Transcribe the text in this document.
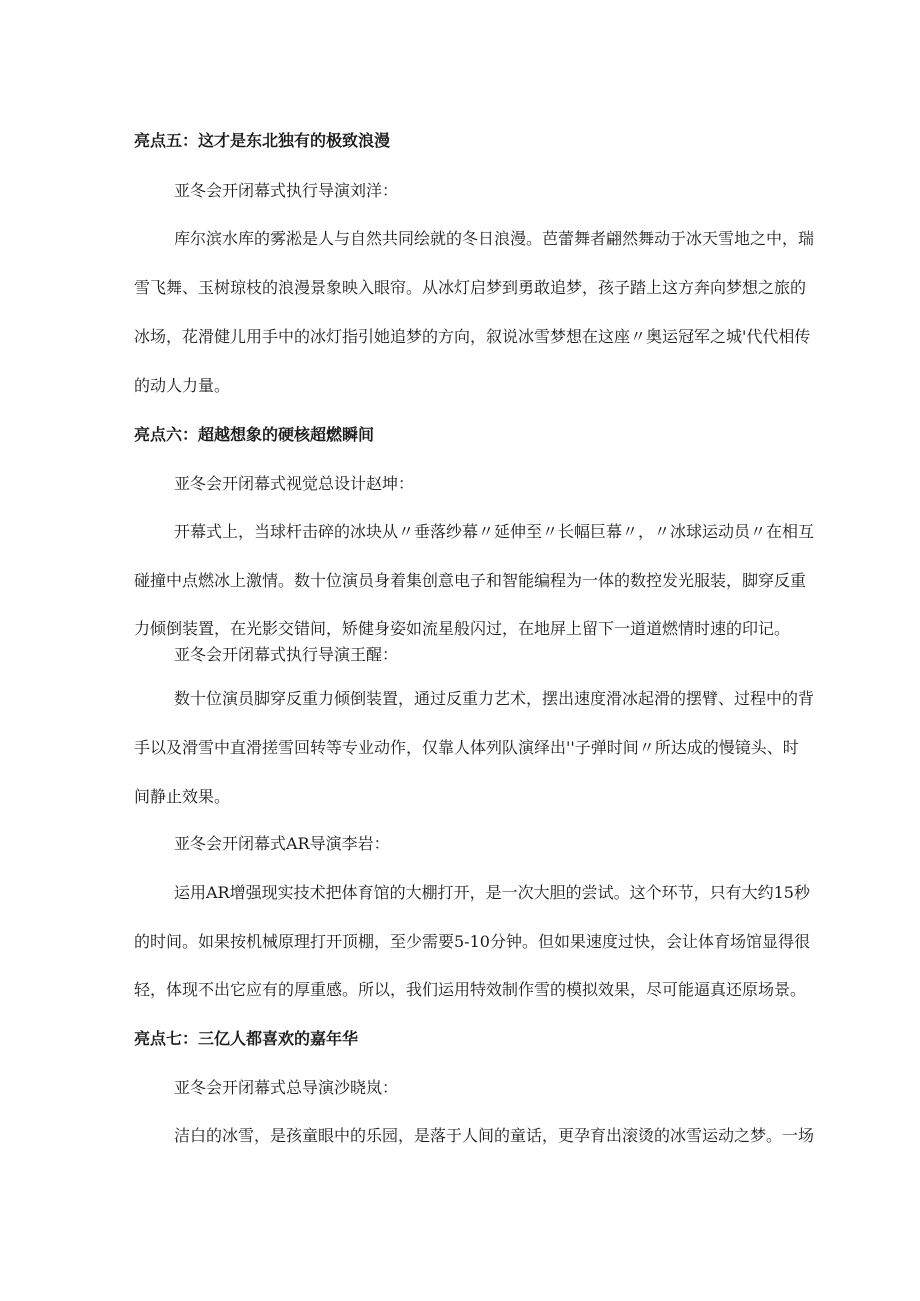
亮点五：这才是东北独有的极致浪漫
亚冬会开闭幕式执行导演刘洋：
库尔滨水库的雾淞是人与自然共同绘就的冬日浪漫。芭蕾舞者翩然舞动于冰天雪地之中，瑞
雪飞舞、玉树琼枝的浪漫景象映入眼帘。从冰灯启梦到勇敢追梦，孩子踏上这方奔向梦想之旅的
冰场，花滑健儿用手中的冰灯指引她追梦的方向，叙说冰雪梦想在这座〃奥运冠军之城'代代相传
的动人力量。
亮点六：超越想象的硬核超燃瞬间
亚冬会开闭幕式视觉总设计赵坤：
开幕式上，当球杆击碎的冰块从〃垂落纱幕〃延伸至〃长幅巨幕〃，〃冰球运动员〃在相互
碰撞中点燃冰上激情。数十位演员身着集创意电子和智能编程为一体的数控发光服装，脚穿反重
力倾倒装置，在光影交错间，矫健身姿如流星般闪过，在地屏上留下一道道燃情时速的印记。
亚冬会开闭幕式执行导演王醒：
数十位演员脚穿反重力倾倒装置，通过反重力艺术，摆出速度滑冰起滑的摆臂、过程中的背
手以及滑雪中直滑搓雪回转等专业动作，仅靠人体列队演绎出''子弹时间〃所达成的慢镜头、时
间静止效果。
亚冬会开闭幕式AR导演李岩：
运用AR增强现实技术把体育馆的大棚打开，是一次大胆的尝试。这个环节，只有大约15秒
的时间。如果按机械原理打开顶棚，至少需要5-10分钟。但如果速度过快，会让体育场馆显得很
轻，体现不出它应有的厚重感。所以，我们运用特效制作雪的模拟效果，尽可能逼真还原场景。
亮点七：三亿人都喜欢的嘉年华
亚冬会开闭幕式总导演沙晓岚：
洁白的冰雪，是孩童眼中的乐园，是落于人间的童话，更孕育出滚烫的冰雪运动之梦。一场
